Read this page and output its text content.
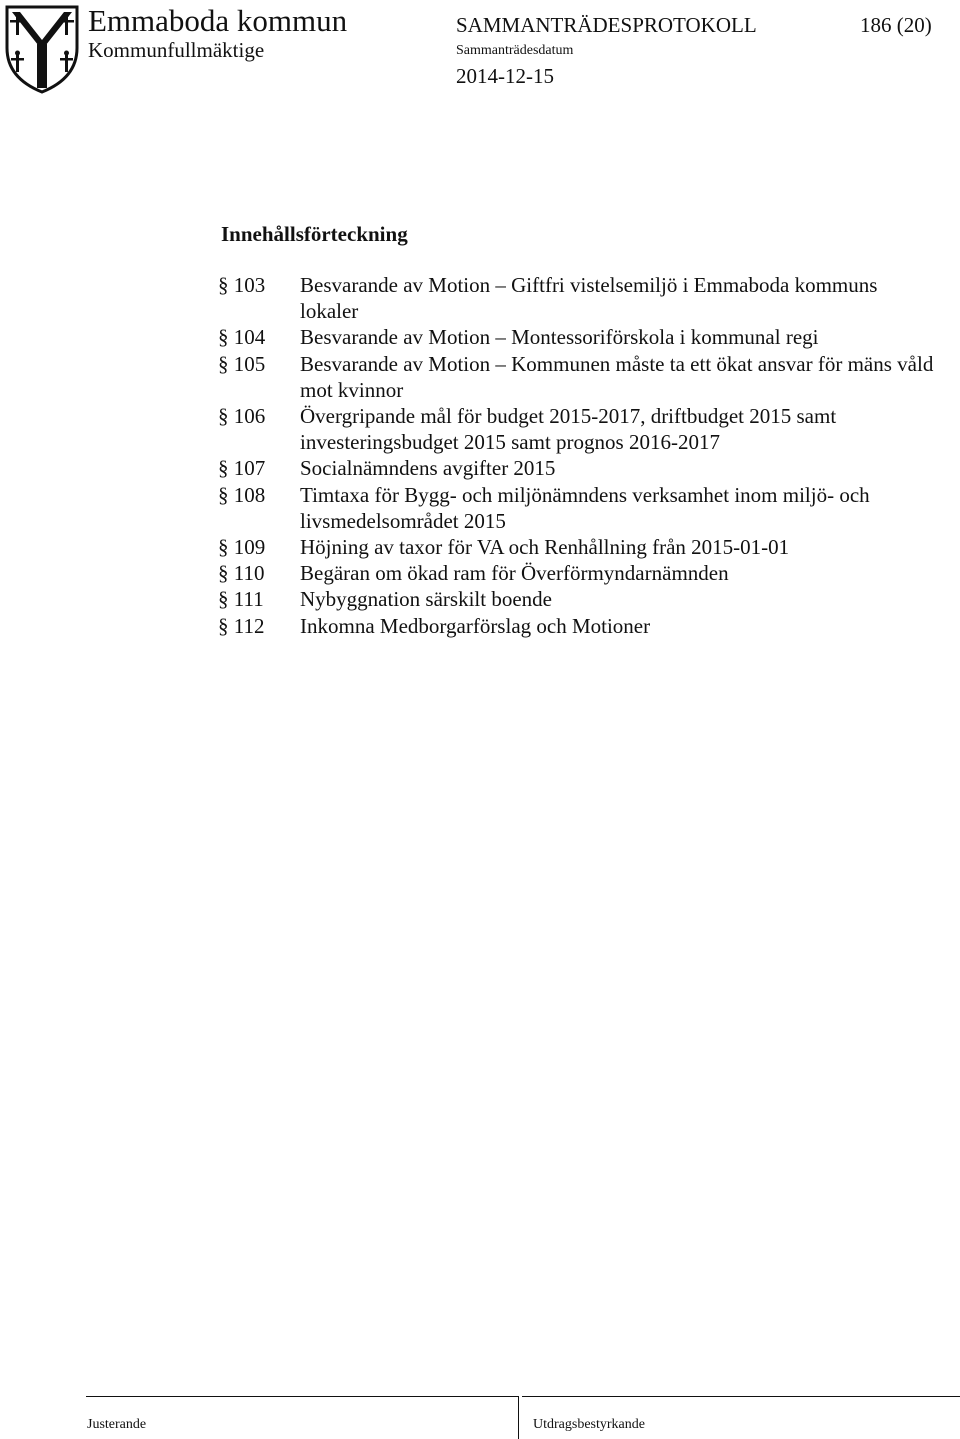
Emmaboda kommun
Kommunfullmäktige
SAMMANTRÄDESPROTOKOLL	186 (20)
Sammanträdesdatum
2014-12-15
Innehållsförteckning
§ 103	Besvarande av Motion – Giftfri vistelsemiljö i Emmaboda kommuns lokaler
§ 104	Besvarande av Motion – Montessoriförskola i kommunal regi
§ 105	Besvarande av Motion – Kommunen måste ta ett ökat ansvar för mäns våld mot kvinnor
§ 106	Övergripande mål för budget 2015-2017, driftbudget 2015 samt investeringsbudget 2015 samt prognos 2016-2017
§ 107	Socialnämndens avgifter 2015
§ 108	Timtaxa för Bygg- och miljönämndens verksamhet inom miljö- och livsmedelsområdet 2015
§ 109	Höjning av taxor för VA och Renhållning från 2015-01-01
§ 110	Begäran om ökad ram för Överförmyndarnämnden
§ 111	Nybyggnation särskilt boende
§ 112	Inkomna Medborgarförslag och Motioner
Justerande	Utdragsbestyrkande
